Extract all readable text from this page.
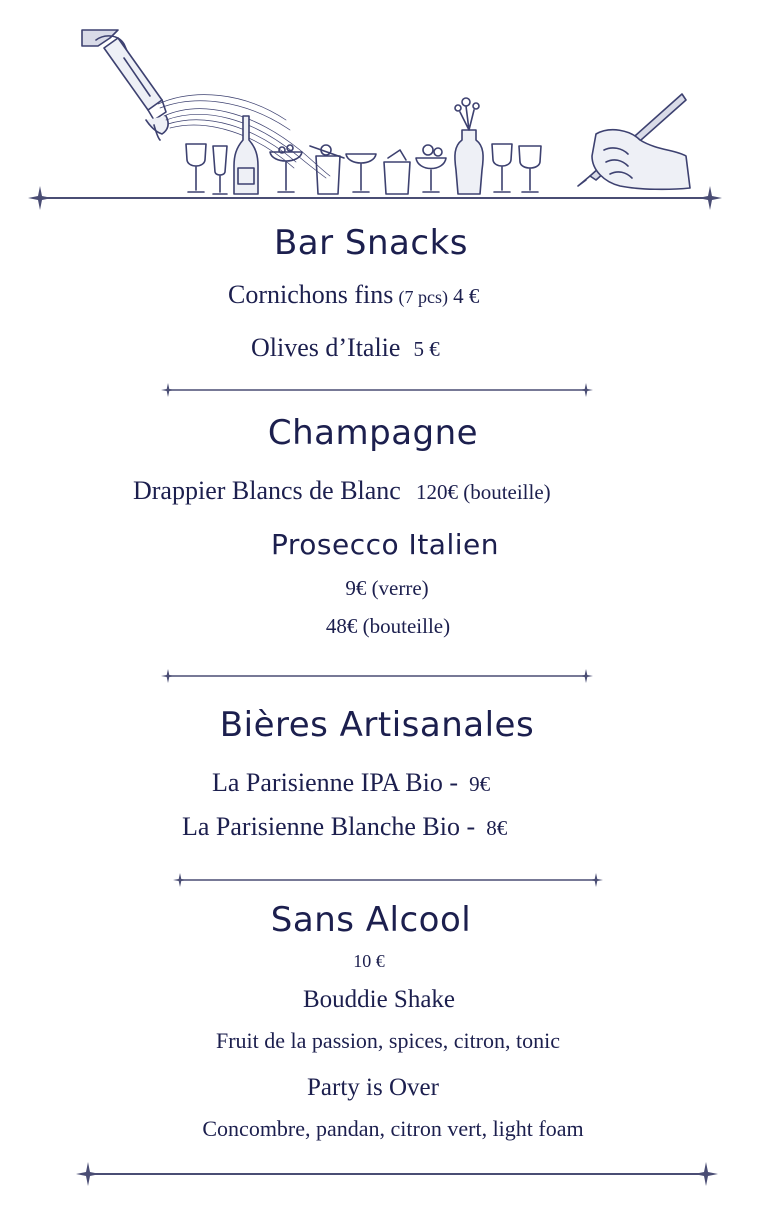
Bar Snacks
Cornichons fins (7 pcs) 4 €
Olives d’Italie 5 €
Champagne
Drappier Blancs de Blanc 120€ (bouteille)
Prosecco Italien
9€ (verre)
48€ (bouteille)
Bières Artisanales
La Parisienne IPA Bio - 9€
La Parisienne Blanche Bio - 8€
Sans Alcool
10 €
Bouddie Shake
Fruit de la passion, spices, citron, tonic
Party is Over
Concombre, pandan, citron vert, light foam
